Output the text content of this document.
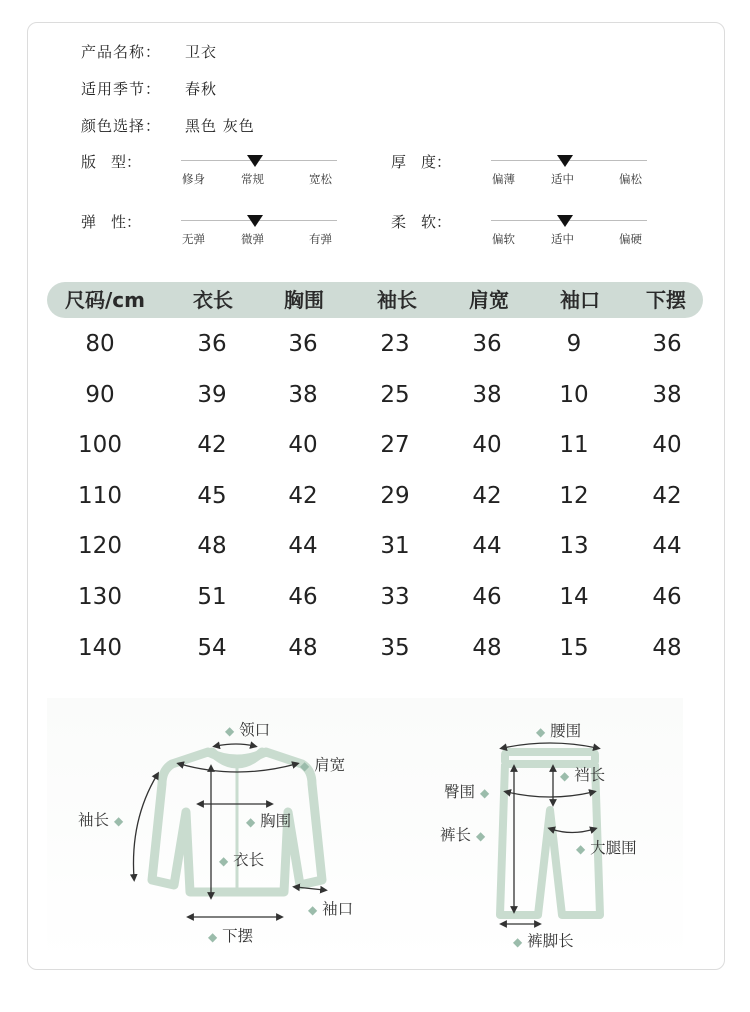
产品名称： 卫衣
适用季节： 春秋
颜色选择： 黑色 灰色
版　型：
修身	常规	宽松
厚　度：
偏薄	适中	偏松
弹　性：
无弹	微弹	有弹
柔　软：
偏软	适中	偏硬
尺码/cm	衣长	胸围	袖长	肩宽	袖口	下摆
80	36	36	23	36	9	36
90	39	38	25	38	10	38
100	42	40	27	40	11	40
110	45	42	29	42	12	42
120	48	44	31	44	13	44
130	51	46	33	46	14	46
140	54	48	35	48	15	48
◆ 领口
◆ 肩宽
◆ 胸围
袖长 ◆
◆ 衣长
◆ 袖口
◆ 下摆
◆ 腰围
◆ 裆长
臀围 ◆
裤长 ◆
◆ 大腿围
◆ 裤脚长
